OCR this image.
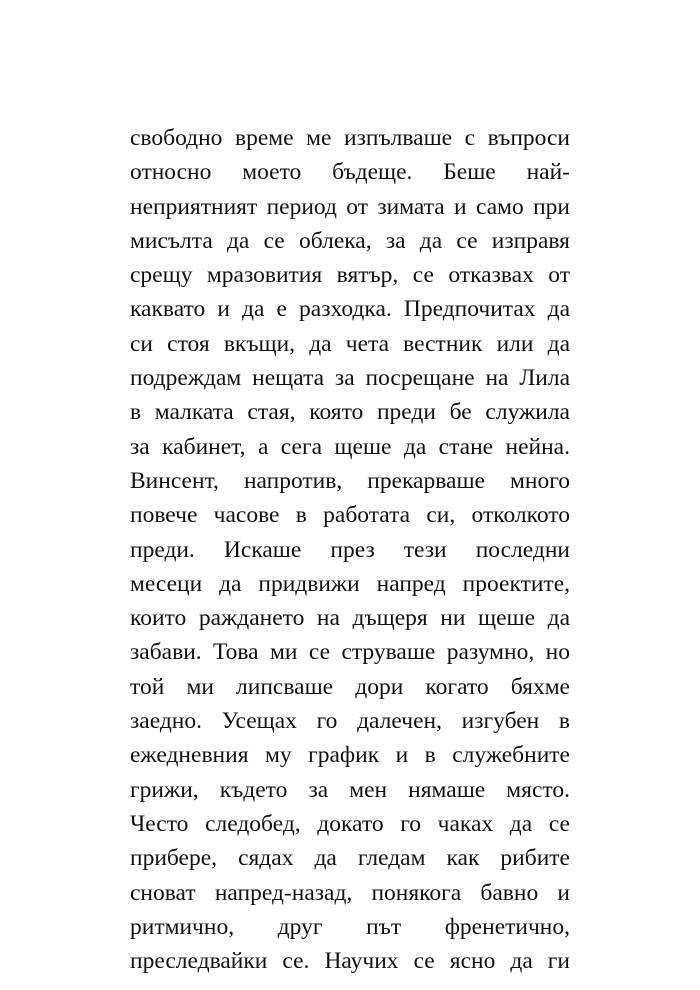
свободно време ме изпълваше с въпроси
относно моето бъдеще. Беше най-
неприятният период от зимата и само при
мисълта да се облека, за да се изправя
срещу мразовития вятър, се отказвах от
каквато и да е разходка. Предпочитах да
си стоя вкъщи, да чета вестник или да
подреждам нещата за посрещане на Лила
в малката стая, която преди бе служила
за кабинет, а сега щеше да стане нейна.
Винсент, напротив, прекарваше много
повече часове в работата си, отколкото
преди. Искаше през тези последни
месеци да придвижи напред проектите,
които раждането на дъщеря ни щеше да
забави. Това ми се струваше разумно, но
той ми липсваше дори когато бяхме
заедно. Усещах го далечен, изгубен в
ежедневния му график и в служебните
грижи, където за мен нямаше място.
Често следобед, докато го чаках да се
прибере, сядах да гледам как рибите
сноват напред-назад, понякога бавно и
ритмично, друг път френетично,
преследвайки се. Научих се ясно да ги
